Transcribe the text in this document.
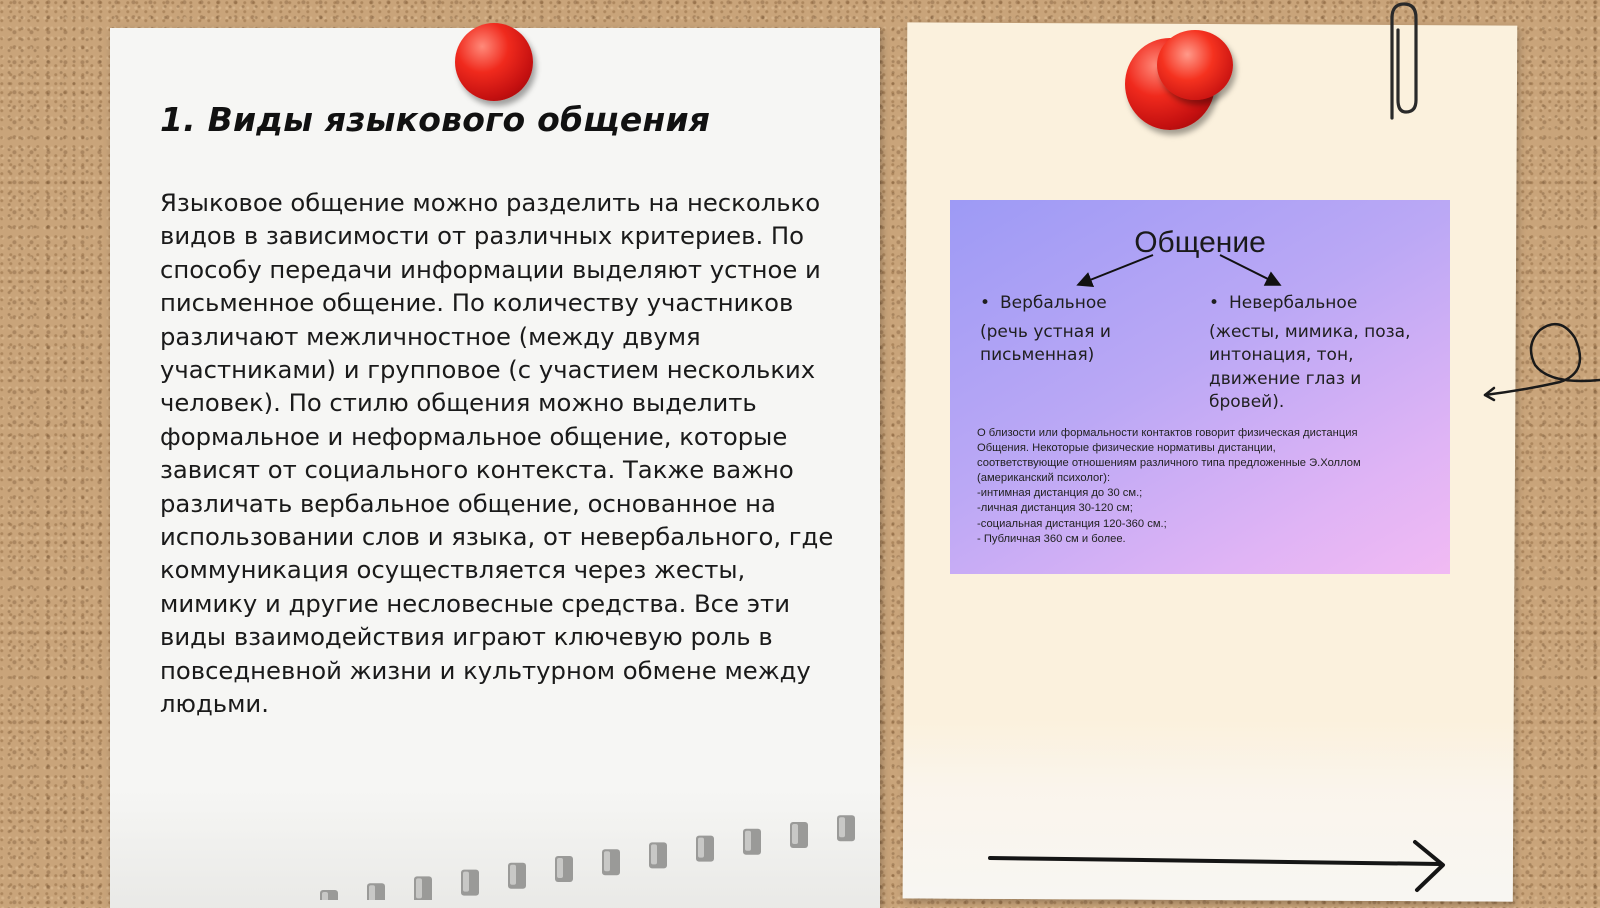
1. Виды языкового общения

Языковое общение можно разделить на несколько видов в зависимости от различных критериев. По способу передачи информации выделяют устное и письменное общение. По количеству участников различают межличностное (между двумя участниками) и групповое (с участием нескольких человек). По стилю общения можно выделить формальное и неформальное общение, которые зависят от социального контекста. Также важно различать вербальное общение, основанное на использовании слов и языка, от невербального, где коммуникация осуществляется через жесты, мимику и другие несловесные средства. Все эти виды взаимодействия играют ключевую роль в повседневной жизни и культурном обмене между людьми.

Общение
• Вербальное
(речь устная и письменная)
• Невербальное
(жесты, мимика, поза, интонация, тон, движение глаз и бровей).
О близости или формальности контактов говорит физическая дистанция
Общения. Некоторые физические нормативы дистанции,
соответствующие отношениям различного типа предложенные Э.Холлом
(американский психолог):
-интимная дистанция до 30 см.;
-личная дистанция 30-120 см;
-социальная дистанция 120-360 см.;
- Публичная 360 см и более.
